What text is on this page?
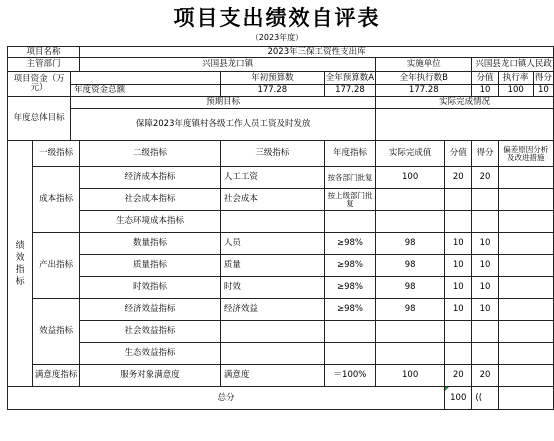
项目支出绩效自评表
（2023年度）
项目名称			2023年三保工资性支出库							
主管部门			兴国县龙口镇			实施单位		兴国县龙口镇人民政		
项目资金（万元）				年初预算数	全年预算数A	全年执行数B		分值	执行率	得分
		年度资金总额		177.28	177.28	177.28		10	100	10
年度总体目标		预期目标				实际完成情况				
		保障2023年度镇村各级工作人员工资及时发放								
绩效指标	一级指标		二级指标	三级指标	年度指标	实际完成值	分值	得分	偏差原因分析及改进措施	
	成本指标		经济成本指标	人工工资	按各部门批复	100	20	20		
			社会成本指标	社会成本	按上级部门批复					
			生态环境成本指标							
	产出指标		数量指标	人员	≥98%	98	10	10		
			质量指标	质量	≥98%	98	10	10		
			时效指标	时效	≥98%	98	10	10		
	效益指标		经济效益指标	经济效益	≥98%	98	10	10		
			社会效益指标							
			生态效益指标							
	满意度指标		服务对象满意度	满意度	＝100%	100	20	20		
总分							100	((		
